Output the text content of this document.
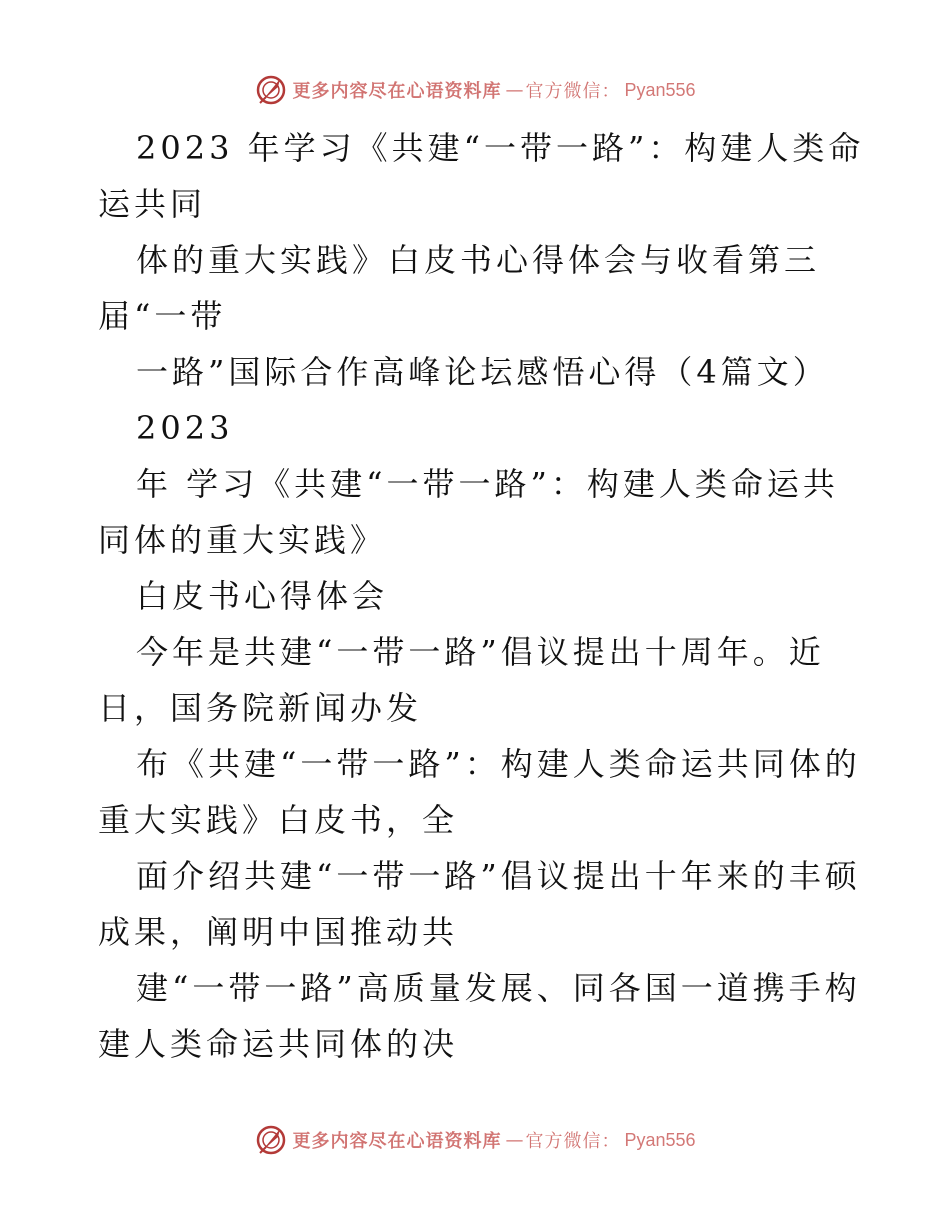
更多内容尽在心语资料库 — 官方微信： Pyan556
2023 年学习《共建“一带一路”：构建人类命
运共同
体的重大实践》白皮书心得体会与收看第三
届“一带
一路”国际合作高峰论坛感悟心得（4篇文）
2023
年 学习《共建“一带一路”：构建人类命运共
同体的重大实践》
白皮书心得体会
今年是共建“一带一路”倡议提出十周年。近
日，国务院新闻办发
布《共建“一带一路”：构建人类命运共同体的
重大实践》白皮书，全
面介绍共建“一带一路”倡议提出十年来的丰硕
成果，阐明中国推动共
建“一带一路”高质量发展、同各国一道携手构
建人类命运共同体的决
更多内容尽在心语资料库 — 官方微信： Pyan556
